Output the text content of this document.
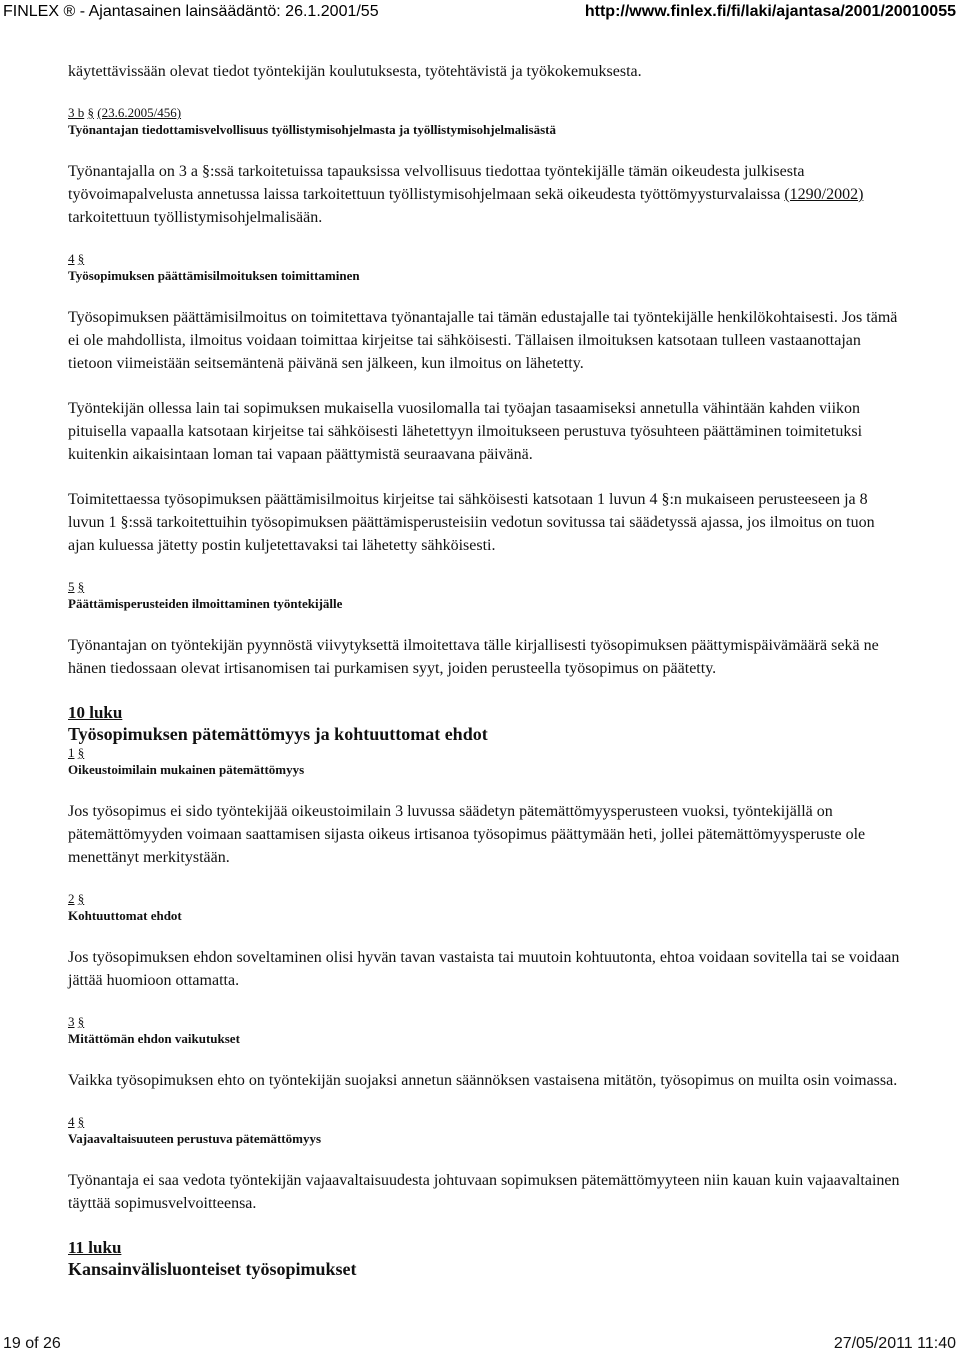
FINLEX ® - Ajantasainen lainsäädäntö: 26.1.2001/55	http://www.finlex.fi/fi/laki/ajantasa/2001/20010055

käytettävissään olevat tiedot työntekijän koulutuksesta, työtehtävistä ja työkokemuksesta.

3 b § (23.6.2005/456)

Työnantajan tiedottamisvelvollisuus työllistymisohjelmasta ja työllistymisohjelmalisästä

Työnantajalla on 3 a §:ssä tarkoitetuissa tapauksissa velvollisuus tiedottaa työntekijälle tämän oikeudesta julkisesta työvoimapalvelusta annetussa laissa tarkoitettuun työllistymisohjelmaan sekä oikeudesta työttömyysturvalaissa (1290/2002) tarkoitettuun työllistymisohjelmalisään.

4 §

Työsopimuksen päättämisilmoituksen toimittaminen

Työsopimuksen päättämisilmoitus on toimitettava työnantajalle tai tämän edustajalle tai työntekijälle henkilökohtaisesti. Jos tämä ei ole mahdollista, ilmoitus voidaan toimittaa kirjeitse tai sähköisesti. Tällaisen ilmoituksen katsotaan tulleen vastaanottajan tietoon viimeistään seitsemäntenä päivänä sen jälkeen, kun ilmoitus on lähetetty.

Työntekijän ollessa lain tai sopimuksen mukaisella vuosilomalla tai työajan tasaamiseksi annetulla vähintään kahden viikon pituisella vapaalla katsotaan kirjeitse tai sähköisesti lähetettyyn ilmoitukseen perustuva työsuhteen päättäminen toimitetuksi kuitenkin aikaisintaan loman tai vapaan päättymistä seuraavana päivänä.

Toimitettaessa työsopimuksen päättämisilmoitus kirjeitse tai sähköisesti katsotaan 1 luvun 4 §:n mukaiseen perusteeseen ja 8 luvun 1 §:ssä tarkoitettuihin työsopimuksen päättämisperusteisiin vedotun sovitussa tai säädetyssä ajassa, jos ilmoitus on tuon ajan kuluessa jätetty postin kuljetettavaksi tai lähetetty sähköisesti.

5 §

Päättämisperusteiden ilmoittaminen työntekijälle

Työnantajan on työntekijän pyynnöstä viivytyksettä ilmoitettava tälle kirjallisesti työsopimuksen päättymispäivämäärä sekä ne hänen tiedossaan olevat irtisanomisen tai purkamisen syyt, joiden perusteella työsopimus on päätetty.

10 luku

Työsopimuksen pätemättömyys ja kohtuuttomat ehdot

1 §

Oikeustoimilain mukainen pätemättömyys

Jos työsopimus ei sido työntekijää oikeustoimilain 3 luvussa säädetyn pätemättömyysperusteen vuoksi, työntekijällä on pätemättömyyden voimaan saattamisen sijasta oikeus irtisanoa työsopimus päättymään heti, jollei pätemättömyysperuste ole menettänyt merkitystään.

2 §

Kohtuuttomat ehdot

Jos työsopimuksen ehdon soveltaminen olisi hyvän tavan vastaista tai muutoin kohtuutonta, ehtoa voidaan sovitella tai se voidaan jättää huomioon ottamatta.

3 §

Mitättömän ehdon vaikutukset

Vaikka työsopimuksen ehto on työntekijän suojaksi annetun säännöksen vastaisena mitätön, työsopimus on muilta osin voimassa.

4 §

Vajaavaltaisuuteen perustuva pätemättömyys

Työnantaja ei saa vedota työntekijän vajaavaltaisuudesta johtuvaan sopimuksen pätemättömyyteen niin kauan kuin vajaavaltainen täyttää sopimusvelvoitteensa.

11 luku

Kansainvälisluonteiset työsopimukset

19 of 26	27/05/2011 11:40
